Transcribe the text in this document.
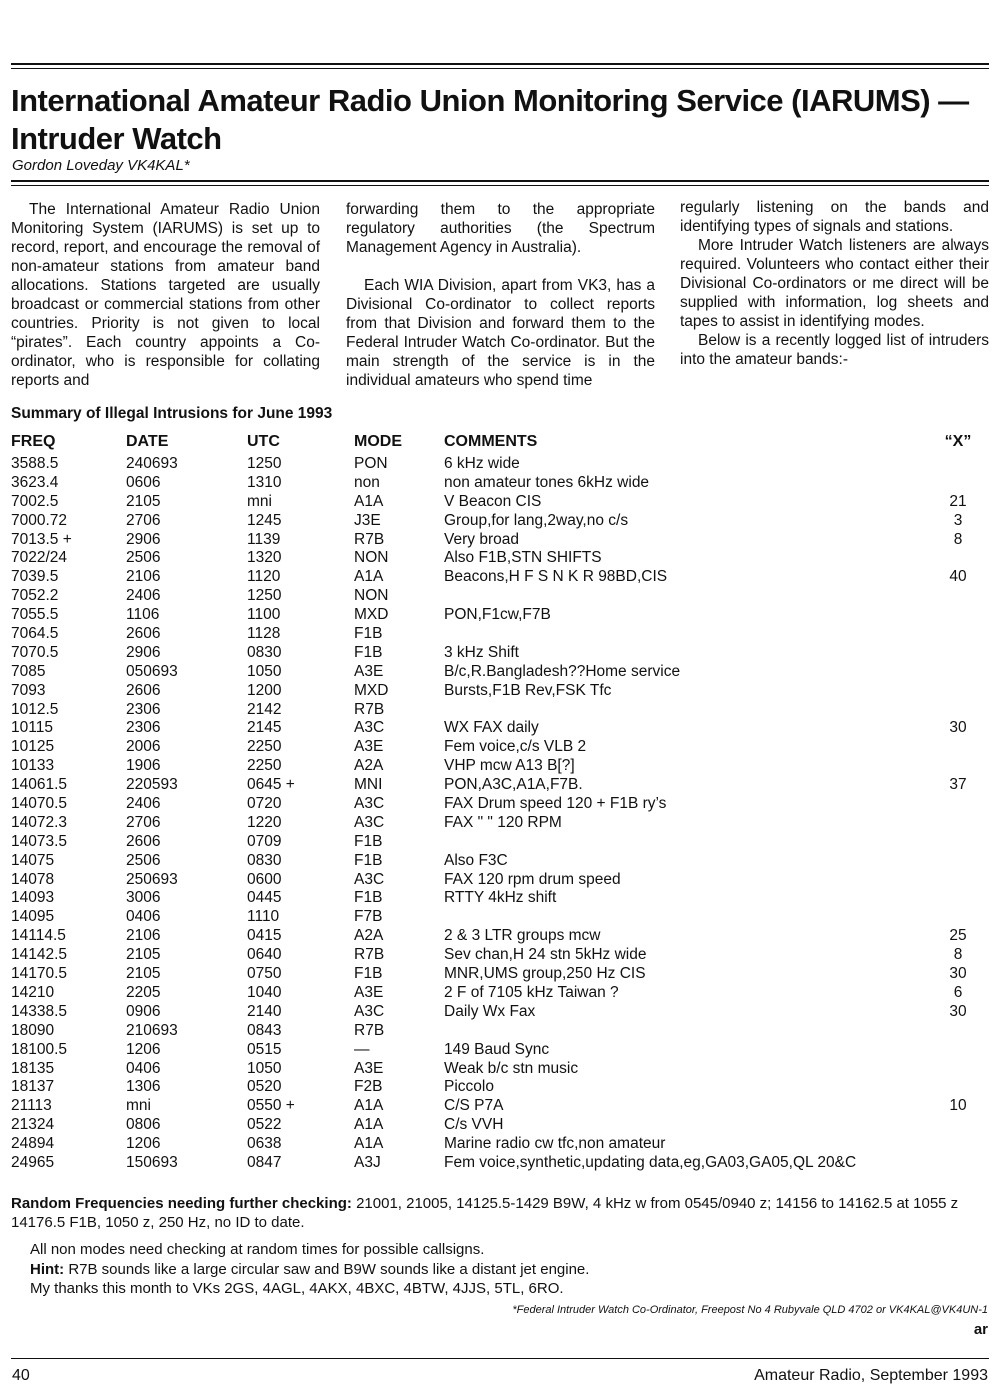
International Amateur Radio Union Monitoring Service (IARUMS) — Intruder Watch
Gordon Loveday VK4KAL*

The International Amateur Radio Union Monitoring System (IARUMS) is set up to record, report, and encourage the removal of non-amateur stations from amateur band allocations. Stations targeted are usually broadcast or commercial stations from other countries. Priority is not given to local “pirates”. Each country appoints a Co-ordinator, who is responsible for collating reports and

forwarding them to the appropriate regulatory authorities (the Spectrum Management Agency in Australia).

Each WIA Division, apart from VK3, has a Divisional Co-ordinator to collect reports from that Division and forward them to the Federal Intruder Watch Co-ordinator. But the main strength of the service is in the individual amateurs who spend time

regularly listening on the bands and identifying types of signals and stations.

More Intruder Watch listeners are always required. Volunteers who contact either their Divisional Co-ordinators or me direct will be supplied with information, log sheets and tapes to assist in identifying modes.

Below is a recently logged list of intruders into the amateur bands:-

Summary of Illegal Intrusions for June 1993
FREQ	DATE	UTC	MODE	COMMENTS	“X”
3588.5	240693	1250	PON	6 kHz wide
3623.4	0606	1310	non	non amateur tones 6kHz wide
7002.5	2105	mni	A1A	V Beacon CIS	21
7000.72	2706	1245	J3E	Group,for lang,2way,no c/s	3
7013.5 +	2906	1139	R7B	Very broad	8
7022/24	2506	1320	NON	Also F1B,STN SHIFTS
7039.5	2106	1120	A1A	Beacons,H F S N K R 98BD,CIS	40
7052.2	2406	1250	NON
7055.5	1106	1100	MXD	PON,F1cw,F7B
7064.5	2606	1128	F1B
7070.5	2906	0830	F1B	3 kHz Shift
7085	050693	1050	A3E	B/c,R.Bangladesh??Home service
7093	2606	1200	MXD	Bursts,F1B Rev,FSK Tfc
1012.5	2306	2142	R7B
10115	2306	2145	A3C	WX FAX daily	30
10125	2006	2250	A3E	Fem voice,c/s VLB 2
10133	1906	2250	A2A	VHP mcw A13 B[?]
14061.5	220593	0645 +	MNI	PON,A3C,A1A,F7B.	37
14070.5	2406	0720	A3C	FAX Drum speed 120 + F1B ry’s
14072.3	2706	1220	A3C	FAX " " 120 RPM
14073.5	2606	0709	F1B
14075	2506	0830	F1B	Also F3C
14078	250693	0600	A3C	FAX 120 rpm drum speed
14093	3006	0445	F1B	RTTY 4kHz shift
14095	0406	1110	F7B
14114.5	2106	0415	A2A	2 & 3 LTR groups mcw	25
14142.5	2105	0640	R7B	Sev chan,H 24 stn 5kHz wide	8
14170.5	2105	0750	F1B	MNR,UMS group,250 Hz CIS	30
14210	2205	1040	A3E	2 F of 7105 kHz Taiwan ?	6
14338.5	0906	2140	A3C	Daily Wx Fax	30
18090	210693	0843	R7B
18100.5	1206	0515	—	149 Baud Sync
18135	0406	1050	A3E	Weak b/c stn music
18137	1306	0520	F2B	Piccolo
21113	mni	0550 +	A1A	C/S P7A	10
21324	0806	0522	A1A	C/s VVH
24894	1206	0638	A1A	Marine radio cw tfc,non amateur
24965	150693	0847	A3J	Fem voice,synthetic,updating data,eg,GA03,GA05,QL 20&C

Random Frequencies needing further checking: 21001, 21005, 14125.5-1429 B9W, 4 kHz w from 0545/0940 z; 14156 to 14162.5 at 1055 z 14176.5 F1B, 1050 z, 250 Hz, no ID to date.

All non modes need checking at random times for possible callsigns.

Hint: R7B sounds like a large circular saw and B9W sounds like a distant jet engine.

My thanks this month to VKs 2GS, 4AGL, 4AKX, 4BXC, 4BTW, 4JJS, 5TL, 6RO.

*Federal Intruder Watch Co-Ordinator, Freepost No 4 Rubyvale QLD 4702 or VK4KAL@VK4UN-1
ar
40	Amateur Radio, September 1993
